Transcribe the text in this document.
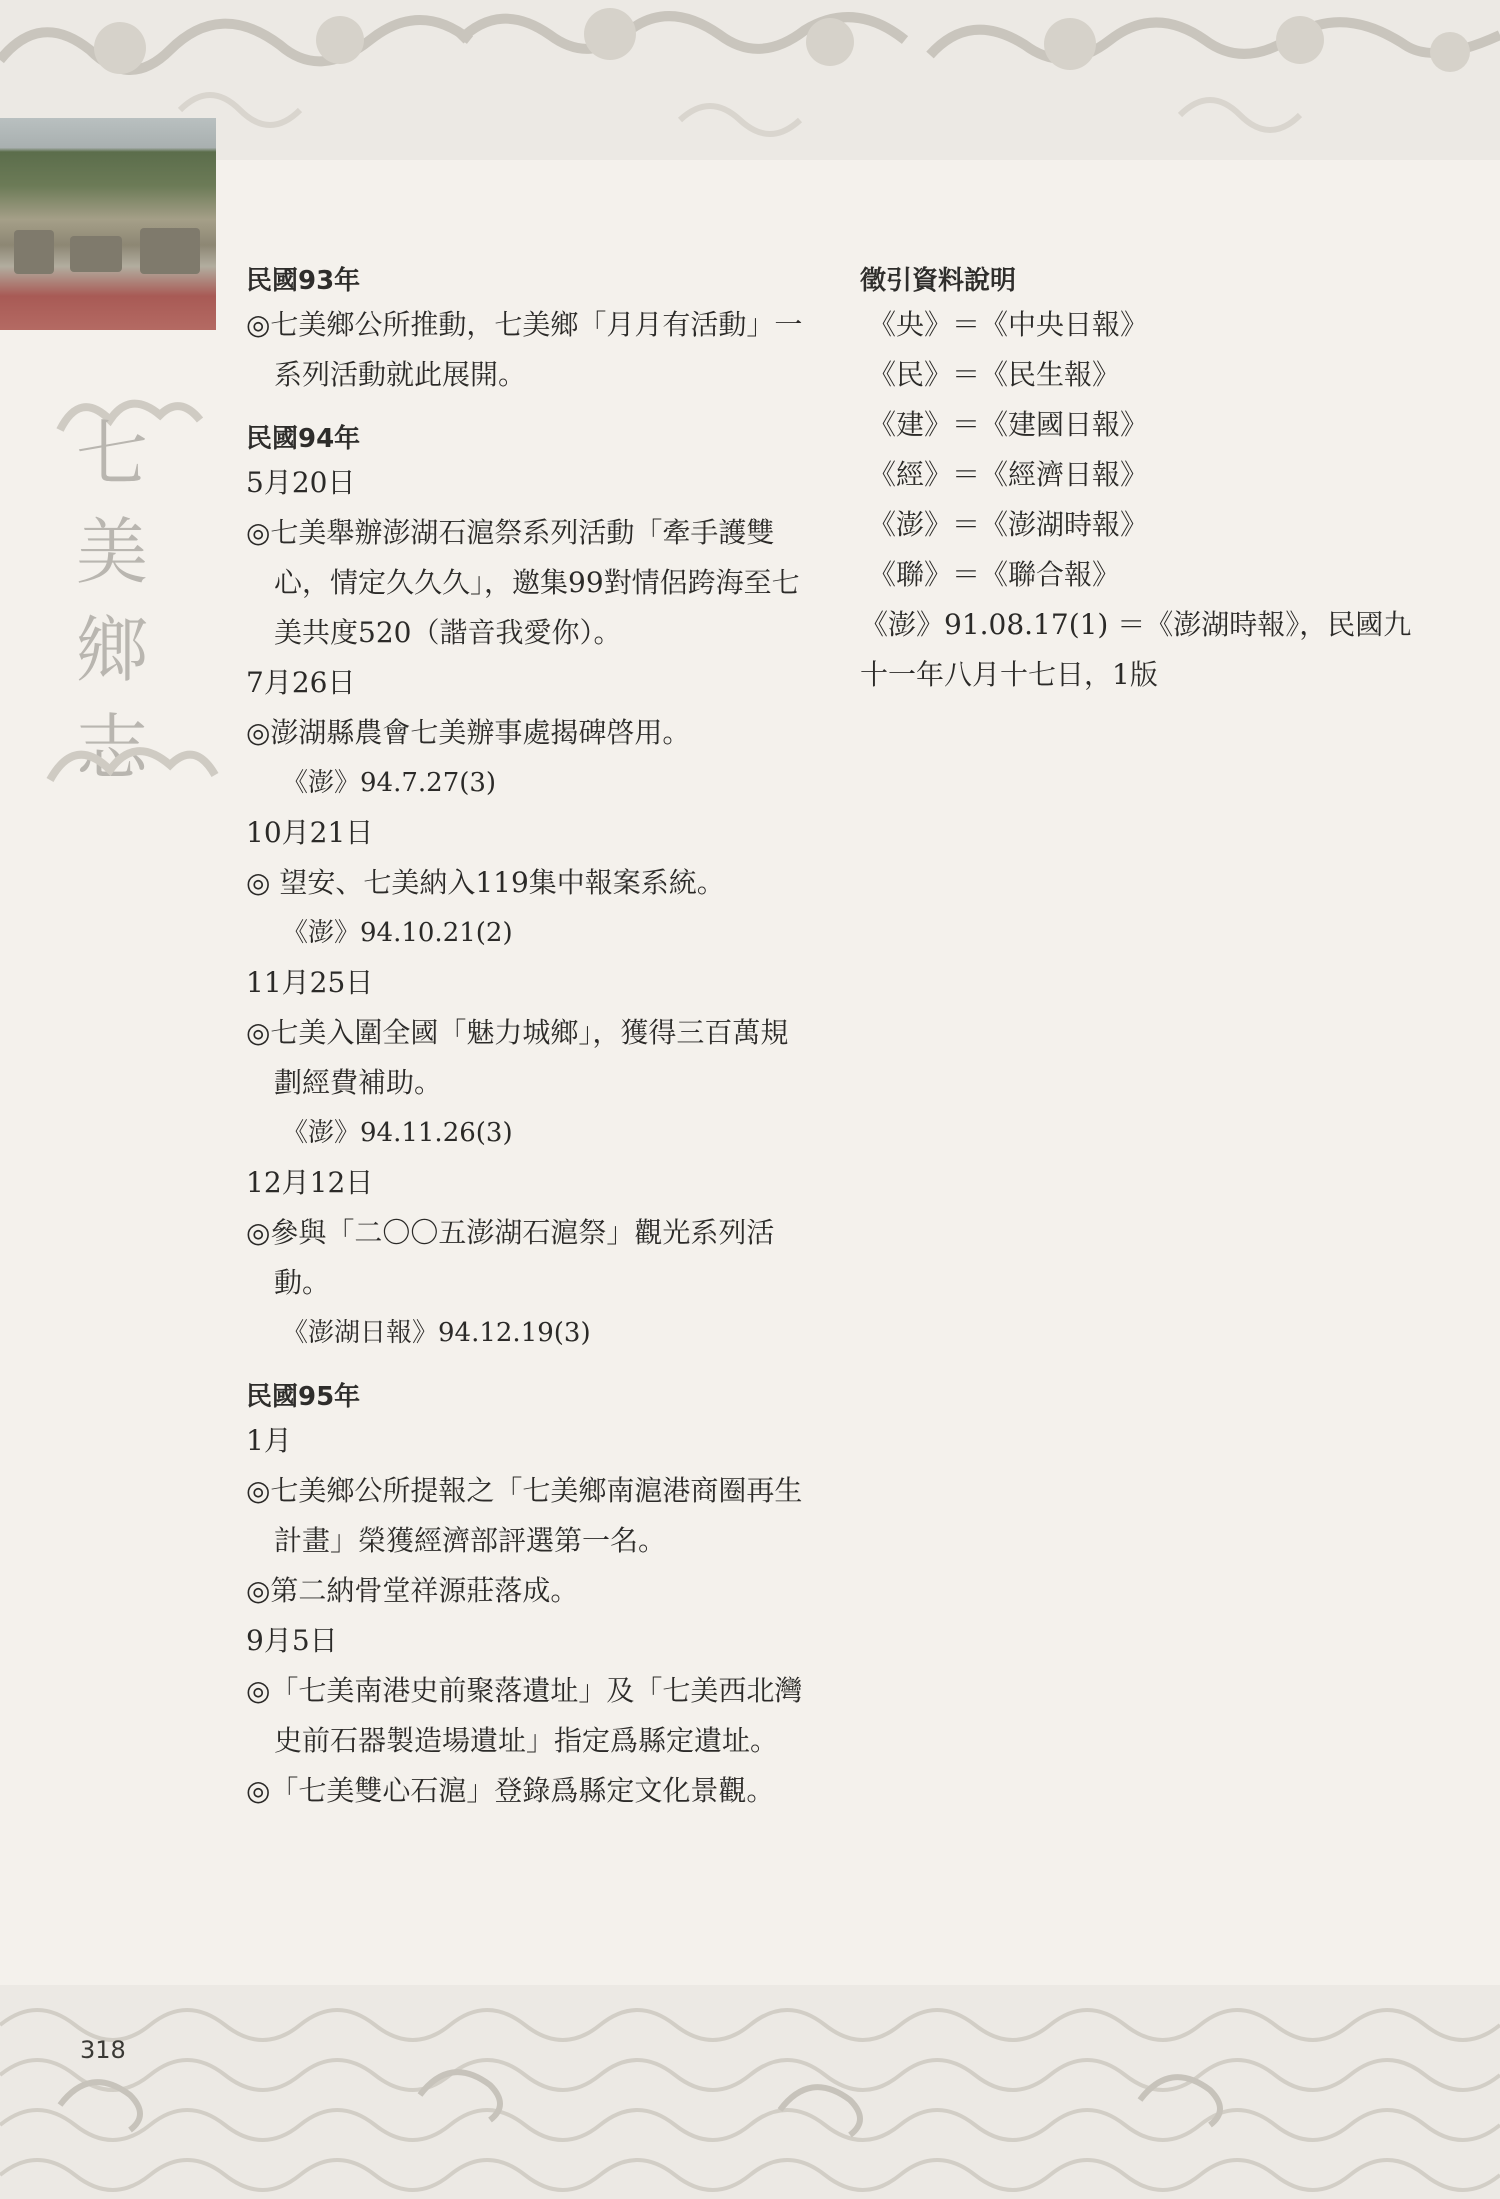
七
美
鄉
志
民國93年

◎七美鄉公所推動，七美鄉「月月有活動」一系列活動就此展開。

民國94年

5月20日

◎七美舉辦澎湖石滬祭系列活動「牽手護雙心，情定久久久」，邀集99對情侶跨海至七美共度520（諧音我愛你）。

7月26日

◎澎湖縣農會七美辦事處揭碑啓用。

《澎》94.7.27(3)

10月21日

◎ 望安、七美納入119集中報案系統。

《澎》94.10.21(2)

11月25日

◎七美入圍全國「魅力城鄉」，獲得三百萬規劃經費補助。

《澎》94.11.26(3)

12月12日

◎參與「二〇〇五澎湖石滬祭」觀光系列活動。

《澎湖日報》94.12.19(3)

民國95年

1月

◎七美鄉公所提報之「七美鄉南滬港商圈再生計畫」榮獲經濟部評選第一名。

◎第二納骨堂祥源莊落成。

9月5日

◎「七美南港史前聚落遺址」及「七美西北灣史前石器製造場遺址」指定爲縣定遺址。

◎「七美雙心石滬」登錄爲縣定文化景觀。

徵引資料說明

《央》＝《中央日報》

《民》＝《民生報》

《建》＝《建國日報》

《經》＝《經濟日報》

《澎》＝《澎湖時報》

《聯》＝《聯合報》

《澎》91.08.17(1) ＝《澎湖時報》，民國九十一年八月十七日，1版

318
